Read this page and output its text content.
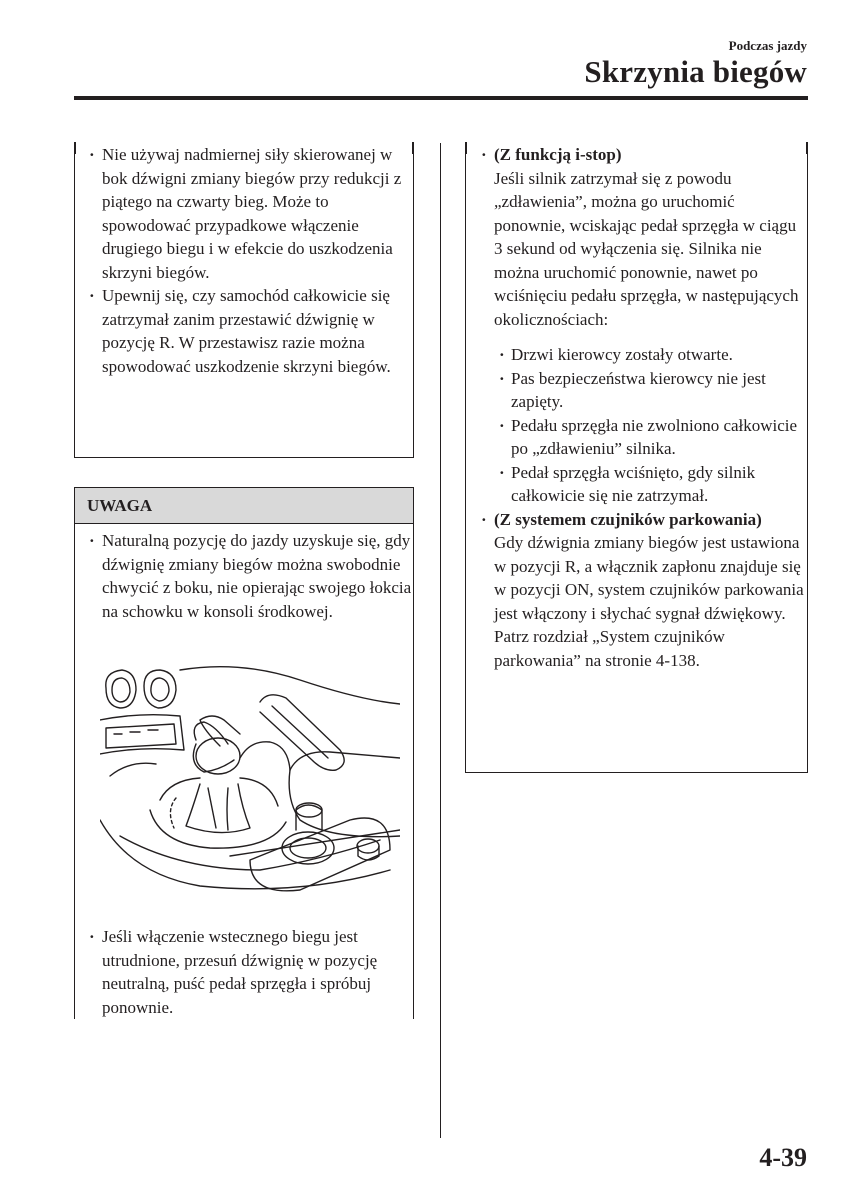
Podczas jazdy
Skrzynia biegów
· Nie używaj nadmiernej siły skierowanej w bok dźwigni zmiany biegów przy redukcji z piątego na czwarty bieg. Może to spowodować przypadkowe włączenie drugiego biegu i w efekcie do uszkodzenia skrzyni biegów.
· Upewnij się, czy samochód całkowicie się zatrzymał zanim przestawić dźwignię w pozycję R. W przestawisz razie można spowodować uszkodzenie skrzyni biegów.
UWAGA
· Naturalną pozycję do jazdy uzyskuje się, gdy dźwignię zmiany biegów można swobodnie chwycić z boku, nie opierając swojego łokcia na schowku w konsoli środkowej.
· Jeśli włączenie wstecznego biegu jest utrudnione, przesuń dźwignię w pozycję neutralną, puść pedał sprzęgła i spróbuj ponownie.
· (Z funkcją i-stop)
Jeśli silnik zatrzymał się z powodu „zdławienia”, można go uruchomić ponownie, wciskając pedał sprzęgła w ciągu 3 sekund od wyłączenia się. Silnika nie można uruchomić ponownie, nawet po wciśnięciu pedału sprzęgła, w następujących okolicznościach:
· Drzwi kierowcy zostały otwarte.
· Pas bezpieczeństwa kierowcy nie jest zapięty.
· Pedału sprzęgła nie zwolniono całkowicie po „zdławieniu” silnika.
· Pedał sprzęgła wciśnięto, gdy silnik całkowicie się nie zatrzymał.
· (Z systemem czujników parkowania)
Gdy dźwignia zmiany biegów jest ustawiona w pozycji R, a włącznik zapłonu znajduje się w pozycji ON, system czujników parkowania jest włączony i słychać sygnał dźwiękowy.
Patrz rozdział „System czujników parkowania” na stronie 4-138.
4-39
